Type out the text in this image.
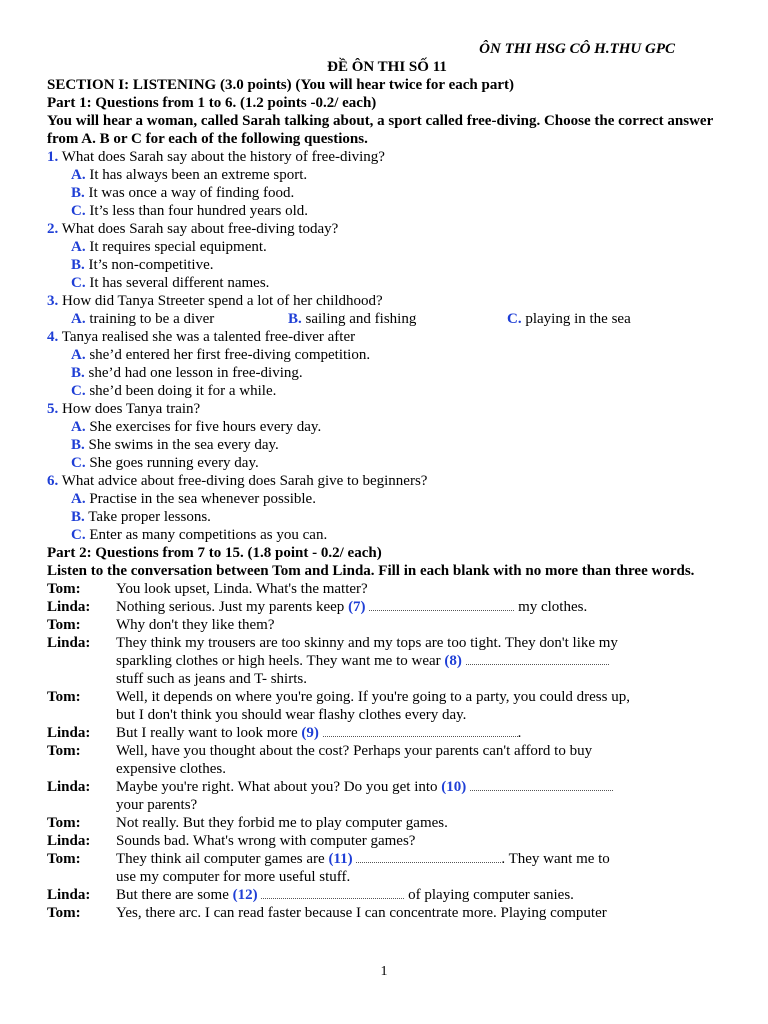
ÔN THI HSG CÔ H.THU GPC
ĐỀ ÔN THI SỐ 11
SECTION I: LISTENING (3.0 points) (You will hear twice for each part)
Part 1: Questions from 1 to 6. (1.2 points -0.2/ each)
You will hear a woman, called Sarah talking about, a sport called free-diving. Choose the correct answer from A. B or C for each of the following questions.
1. What does Sarah say about the history of free-diving?
A. It has always been an extreme sport.
B. It was once a way of finding food.
C. It’s less than four hundred years old.
2. What does Sarah say about free-diving today?
A. It requires special equipment.
B. It’s non-competitive.
C. It has several different names.
3. How did Tanya Streeter spend a lot of her childhood?
A. training to be a diver	B. sailing and fishing	C. playing in the sea
4. Tanya realised she was a talented free-diver after
A. she’d entered her first free-diving competition.
B. she’d had one lesson in free-diving.
C. she’d been doing it for a while.
5. How does Tanya train?
A. She exercises for five hours every day.
B. She swims in the sea every day.
C. She goes running every day.
6. What advice about free-diving does Sarah give to beginners?
A. Practise in the sea whenever possible.
B. Take proper lessons.
C. Enter as many competitions as you can.
Part 2: Questions from 7 to 15. (1.8 point - 0.2/ each)
Listen to the conversation between Tom and Linda. Fill in each blank with no more than three words.
Tom:	You look upset, Linda. What's the matter?
Linda:	Nothing serious. Just my parents keep (7)	my clothes.
Tom:	Why don't they like them?
Linda:	They think my trousers are too skinny and my tops are too tight. They don't like my
sparkling clothes or high heels. They want me to wear (8)
stuff such as jeans and T- shirts.
Tom:	Well, it depends on where you're going. If you're going to a party, you could dress up,
but I don't think you should wear flashy clothes every day.
Linda:	But I really want to look more (9)	.
Tom:	Well, have you thought about the cost? Perhaps your parents can't afford to buy
expensive clothes.
Linda:	Maybe you're right. What about you? Do you get into (10)
your parents?
Tom:	Not really. But they forbid me to play computer games.
Linda:	Sounds bad. What's wrong with computer games?
Tom:	They think ail computer games are (11)	. They want me to
use my computer for more useful stuff.
Linda:	But there are some (12)	of playing computer sanies.
Tom:	Yes, there arc. I can read faster because I can concentrate more. Playing computer
1
